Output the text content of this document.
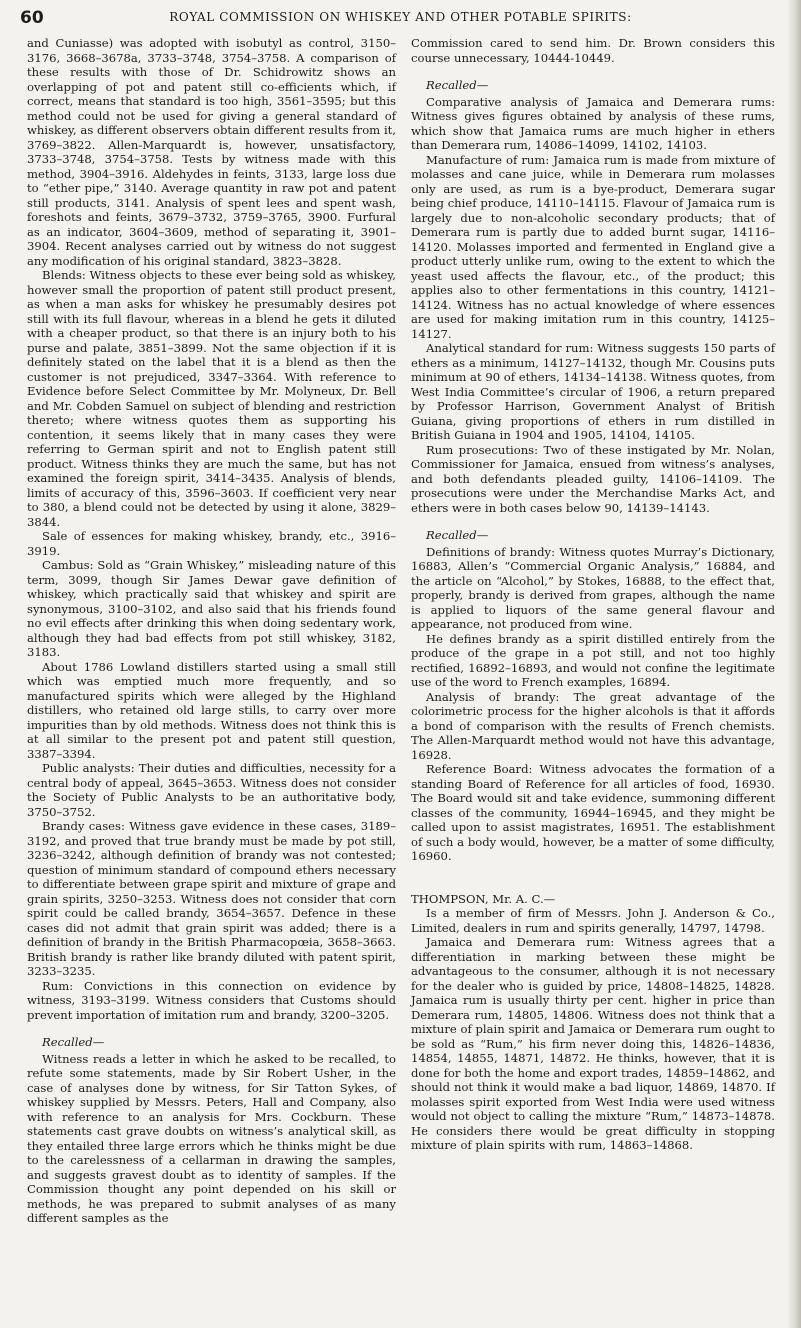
60	ROYAL COMMISSION ON WHISKEY AND OTHER POTABLE SPIRITS:

and Cuniasse) was adopted with isobutyl as control, 3150–3176, 3668–3678a, 3733–3748, 3754–3758. A comparison of these results with those of Dr. Schidrowitz shows an overlapping of pot and patent still co-efficients which, if correct, means that standard is too high, 3561–3595; but this method could not be used for giving a general standard of whiskey, as different observers obtain different results from it, 3769–3822. Allen-Marquardt is, however, unsatisfactory, 3733–3748, 3754–3758. Tests by witness made with this method, 3904–3916. Aldehydes in feints, 3133, large loss due to “ether pipe,” 3140. Average quantity in raw pot and patent still products, 3141. Analysis of spent lees and spent wash, foreshots and feints, 3679–3732, 3759–3765, 3900. Furfural as an indicator, 3604–3609, method of separating it, 3901–3904. Recent analyses carried out by witness do not suggest any modification of his original standard, 3823–3828.

Blends: Witness objects to these ever being sold as whiskey, however small the proportion of patent still product present, as when a man asks for whiskey he presumably desires pot still with its full flavour, whereas in a blend he gets it diluted with a cheaper product, so that there is an injury both to his purse and palate, 3851–3899. Not the same objection if it is definitely stated on the label that it is a blend as then the customer is not prejudiced, 3347–3364. With reference to Evidence before Select Committee by Mr. Molyneux, Dr. Bell and Mr. Cobden Samuel on subject of blending and restriction thereto; where witness quotes them as supporting his contention, it seems likely that in many cases they were referring to German spirit and not to English patent still product. Witness thinks they are much the same, but has not examined the foreign spirit, 3414–3435. Analysis of blends, limits of accuracy of this, 3596–3603. If coefficient very near to 380, a blend could not be detected by using it alone, 3829–3844.

Sale of essences for making whiskey, brandy, etc., 3916–3919.

Cambus: Sold as “Grain Whiskey,” misleading nature of this term, 3099, though Sir James Dewar gave definition of whiskey, which practically said that whiskey and spirit are synonymous, 3100–3102, and also said that his friends found no evil effects after drinking this when doing sedentary work, although they had bad effects from pot still whiskey, 3182, 3183.

About 1786 Lowland distillers started using a small still which was emptied much more frequently, and so manufactured spirits which were alleged by the Highland distillers, who retained old large stills, to carry over more impurities than by old methods. Witness does not think this is at all similar to the present pot and patent still question, 3387–3394.

Public analysts: Their duties and difficulties, necessity for a central body of appeal, 3645–3653. Witness does not consider the Society of Public Analysts to be an authoritative body, 3750–3752.

Brandy cases: Witness gave evidence in these cases, 3189–3192, and proved that true brandy must be made by pot still, 3236–3242, although definition of brandy was not contested; question of minimum standard of compound ethers necessary to differentiate between grape spirit and mixture of grape and grain spirits, 3250–3253. Witness does not consider that corn spirit could be called brandy, 3654–3657. Defence in these cases did not admit that grain spirit was added; there is a definition of brandy in the British Pharmacopœia, 3658–3663. British brandy is rather like brandy diluted with patent spirit, 3233–3235.

Rum: Convictions in this connection on evidence by witness, 3193–3199. Witness considers that Customs should prevent importation of imitation rum and brandy, 3200–3205.

Recalled—

Witness reads a letter in which he asked to be recalled, to refute some statements, made by Sir Robert Usher, in the case of analyses done by witness, for Sir Tatton Sykes, of whiskey supplied by Messrs. Peters, Hall and Company, also with reference to an analysis for Mrs. Cockburn. These statements cast grave doubts on witness’s analytical skill, as they entailed three large errors which he thinks might be due to the carelessness of a cellarman in drawing the samples, and suggests gravest doubt as to identity of samples. If the Commission thought any point depended on his skill or methods, he was prepared to submit analyses of as many different samples as the

Commission cared to send him. Dr. Brown considers this course unnecessary, 10444-10449.

Recalled—

Comparative analysis of Jamaica and Demerara rums: Witness gives figures obtained by analysis of these rums, which show that Jamaica rums are much higher in ethers than Demerara rum, 14086–14099, 14102, 14103.

Manufacture of rum: Jamaica rum is made from mixture of molasses and cane juice, while in Demerara rum molasses only are used, as rum is a bye-product, Demerara sugar being chief produce, 14110–14115. Flavour of Jamaica rum is largely due to non-alcoholic secondary products; that of Demerara rum is partly due to added burnt sugar, 14116–14120. Molasses imported and fermented in England give a product utterly unlike rum, owing to the extent to which the yeast used affects the flavour, etc., of the product; this applies also to other fermentations in this country, 14121–14124. Witness has no actual knowledge of where essences are used for making imitation rum in this country, 14125–14127.

Analytical standard for rum: Witness suggests 150 parts of ethers as a minimum, 14127–14132, though Mr. Cousins puts minimum at 90 of ethers, 14134–14138. Witness quotes, from West India Committee’s circular of 1906, a return prepared by Professor Harrison, Government Analyst of British Guiana, giving proportions of ethers in rum distilled in British Guiana in 1904 and 1905, 14104, 14105.

Rum prosecutions: Two of these instigated by Mr. Nolan, Commissioner for Jamaica, ensued from witness’s analyses, and both defendants pleaded guilty, 14106–14109. The prosecutions were under the Merchandise Marks Act, and ethers were in both cases below 90, 14139–14143.

Recalled—

Definitions of brandy: Witness quotes Murray’s Dictionary, 16883, Allen’s “Commercial Organic Analysis,” 16884, and the article on “Alcohol,” by Stokes, 16888, to the effect that, properly, brandy is derived from grapes, although the name is applied to liquors of the same general flavour and appearance, not produced from wine.

He defines brandy as a spirit distilled entirely from the produce of the grape in a pot still, and not too highly rectified, 16892–16893, and would not confine the legitimate use of the word to French examples, 16894.

Analysis of brandy: The great advantage of the colorimetric process for the higher alcohols is that it affords a bond of comparison with the results of French chemists. The Allen-Marquardt method would not have this advantage, 16928.

Reference Board: Witness advocates the formation of a standing Board of Reference for all articles of food, 16930. The Board would sit and take evidence, summoning different classes of the community, 16944–16945, and they might be called upon to assist magistrates, 16951. The establishment of such a body would, however, be a matter of some difficulty, 16960.

THOMPSON, Mr. A. C.—

Is a member of firm of Messrs. John J. Anderson & Co., Limited, dealers in rum and spirits generally, 14797, 14798.

Jamaica and Demerara rum: Witness agrees that a differentiation in marking between these might be advantageous to the consumer, although it is not necessary for the dealer who is guided by price, 14808–14825, 14828. Jamaica rum is usually thirty per cent. higher in price than Demerara rum, 14805, 14806. Witness does not think that a mixture of plain spirit and Jamaica or Demerara rum ought to be sold as “Rum,” his firm never doing this, 14826–14836, 14854, 14855, 14871, 14872. He thinks, however, that it is done for both the home and export trades, 14859–14862, and should not think it would make a bad liquor, 14869, 14870. If molasses spirit exported from West India were used witness would not object to calling the mixture “Rum,” 14873–14878. He considers there would be great difficulty in stopping mixture of plain spirits with rum, 14863–14868.
